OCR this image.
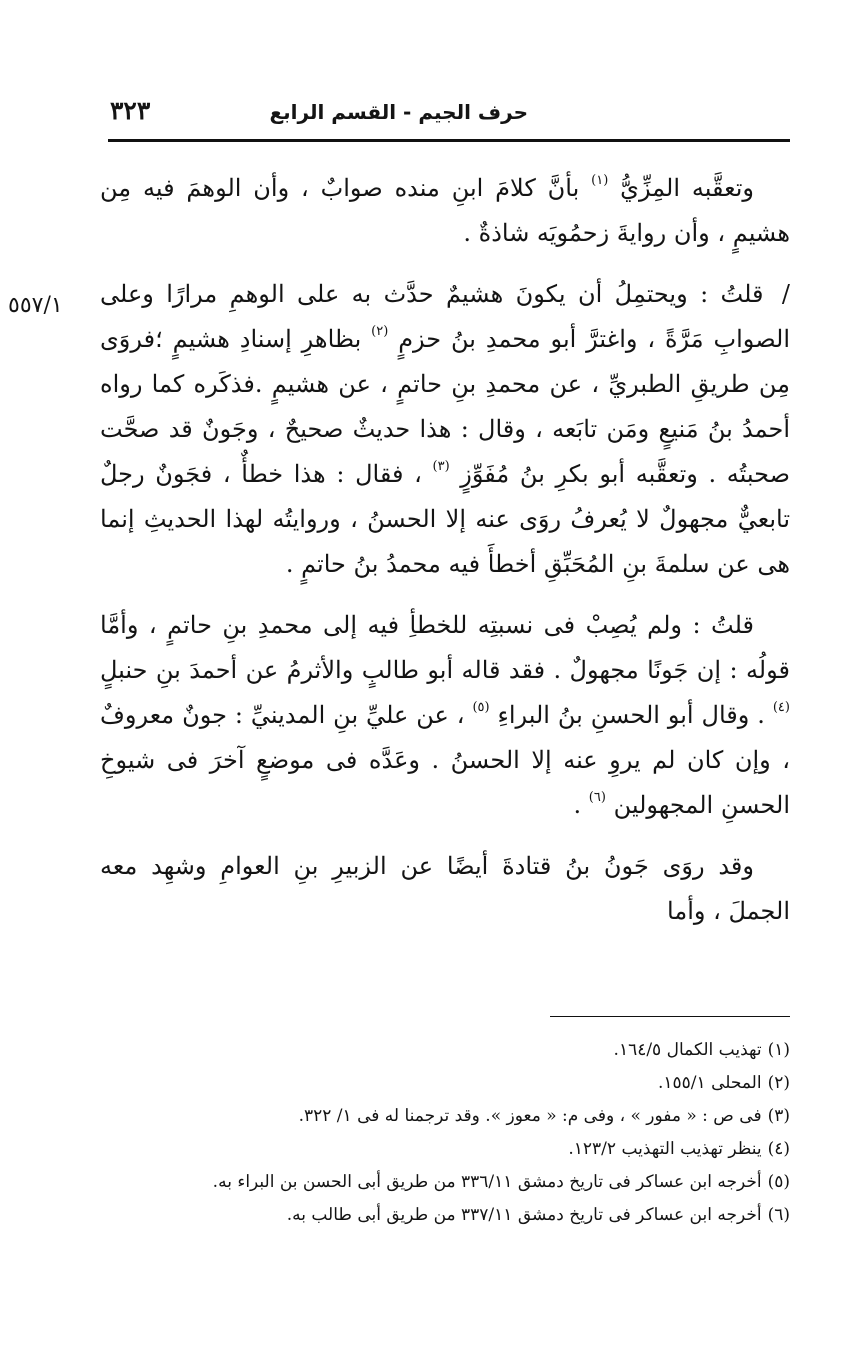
حرف الجيم - القسم الرابع
٣٢٣
٥٥٧/١

وتعقَّبه المِزِّيُّ $^{(١)}$ بأنَّ كلامَ ابنِ منده صوابٌ ، وأن الوهمَ فيه مِن هشيمٍ ، وأن روايةَ زحمُويَه شاذةٌ .

/ قلتُ : ويحتمِلُ أن يكونَ هشيمٌ حدَّث به على الوهمِ مرارًا وعلى الصوابِ مَرَّةً ، واغترَّ أبو محمدِ بنُ حزمٍ $^{(٢)}$ بظاهرِ إسنادِ هشيمٍ ؛فروَى مِن طريقِ الطبريِّ ، عن محمدِ بنِ حاتمٍ ، عن هشيمٍ .فذكَره كما رواه أحمدُ بنُ مَنيعٍ ومَن تابَعه ، وقال : هذا حديثٌ صحيحٌ ، وجَونٌ قد صحَّت صحبتُه . وتعقَّبه أبو بكرِ بنُ مُفَوِّزٍ $^{(٣)}$ ، فقال : هذا خطأٌ ، فجَونٌ رجلٌ تابعيٌّ مجهولٌ لا يُعرفُ روَى عنه إلا الحسنُ ، وروايتُه لهذا الحديثِ إنما هى عن سلمةَ بنِ المُحَبِّقِ أخطأَ فيه محمدُ بنُ حاتمٍ .

قلتُ : ولم يُصِبْ فى نسبتِه للخطأِ فيه إلى محمدِ بنِ حاتمٍ ، وأمَّا قولُه : إن جَونًا مجهولٌ . فقد قاله أبو طالبٍ والأثرمُ عن أحمدَ بنِ حنبلٍ $^{(٤)}$ . وقال أبو الحسنِ بنُ البراءِ $^{(٥)}$ ، عن عليِّ بنِ المدينيِّ : جونٌ معروفٌ ، وإن كان لم يروِ عنه إلا الحسنُ . وعَدَّه فى موضعٍ آخرَ فى شيوخِ الحسنِ المجهولين $^{(٦)}$ .

وقد روَى جَونُ بنُ قتادةَ أيضًا عن الزبيرِ بنِ العوامِ وشهِد معه الجملَ ، وأما

(١)تهذيب الكمال ١٦٤/٥.
(٢)المحلى ١٥٥/١.
(٣)فى ص : « مفور » ، وفى م: « معوز ». وقد ترجمنا له فى ١/ ٣٢٢.
(٤)ينظر تهذيب التهذيب ١٢٣/٢.
(٥)أخرجه ابن عساكر فى تاريخ دمشق ٣٣٦/١١ من طريق أبى الحسن بن البراء به.
(٦)أخرجه ابن عساكر فى تاريخ دمشق ٣٣٧/١١ من طريق أبى طالب به.
